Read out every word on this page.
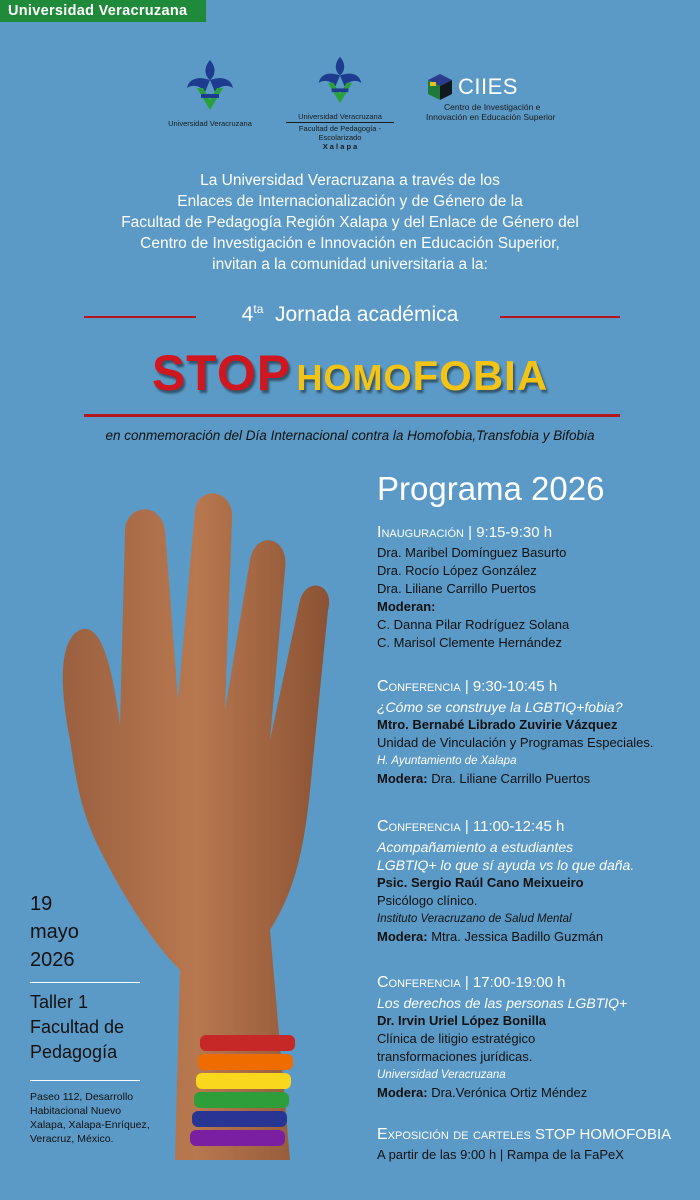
Universidad Veracruzana
Universidad Veracruzana
Universidad Veracruzana
Facultad de Pedagogía - Escolarizado
X a l a p a
CIIES
Centro de Investigación e
Innovación en Educación Superior
La Universidad Veracruzana a través de los
Enlaces de Internacionalización y de Género de la
Facultad de Pedagogía Región Xalapa y del Enlace de Género del
Centro de Investigación e Innovación en Educación Superior,
invitan a la comunidad universitaria a la:
$4^{ta}$ Jornada académica
STOP HOMOFOBIA
en conmemoración del Día Internacional contra la Homofobia,Transfobia y Bifobia
Programa 2026
Inauguración | 9:15-9:30 h
Dra. Maribel Domínguez Basurto
Dra. Rocío López González
Dra. Liliane Carrillo Puertos
Moderan:
C. Danna Pilar Rodríguez Solana
C. Marisol Clemente Hernández
Conferencia | 9:30-10:45 h
¿Cómo se construye la LGBTIQ+fobia?
Mtro. Bernabé Librado Zuvirie Vázquez
Unidad de Vinculación y Programas Especiales.
H. Ayuntamiento de Xalapa
Modera: Dra. Liliane Carrillo Puertos
Conferencia | 11:00-12:45 h
Acompañamiento a estudiantes
LGBTIQ+ lo que sí ayuda vs lo que daña.
Psic. Sergio Raúl Cano Meixueiro
Psicólogo clínico.
Instituto Veracruzano de Salud Mental
Modera: Mtra. Jessica Badillo Guzmán
Conferencia | 17:00-19:00 h
Los derechos de las personas LGBTIQ+
Dr. Irvin Uriel López Bonilla
Clínica de litigio estratégico
transformaciones jurídicas.
Universidad Veracruzana
Modera: Dra.Verónica Ortiz Méndez
Exposición de carteles STOP HOMOFOBIA
A partir de las 9:00 h | Rampa de la FaPeX
19
mayo
2026
Taller 1
Facultad de
Pedagogía
Paseo 112, Desarrollo
Habitacional Nuevo
Xalapa, Xalapa-Enríquez,
Veracruz, México.
